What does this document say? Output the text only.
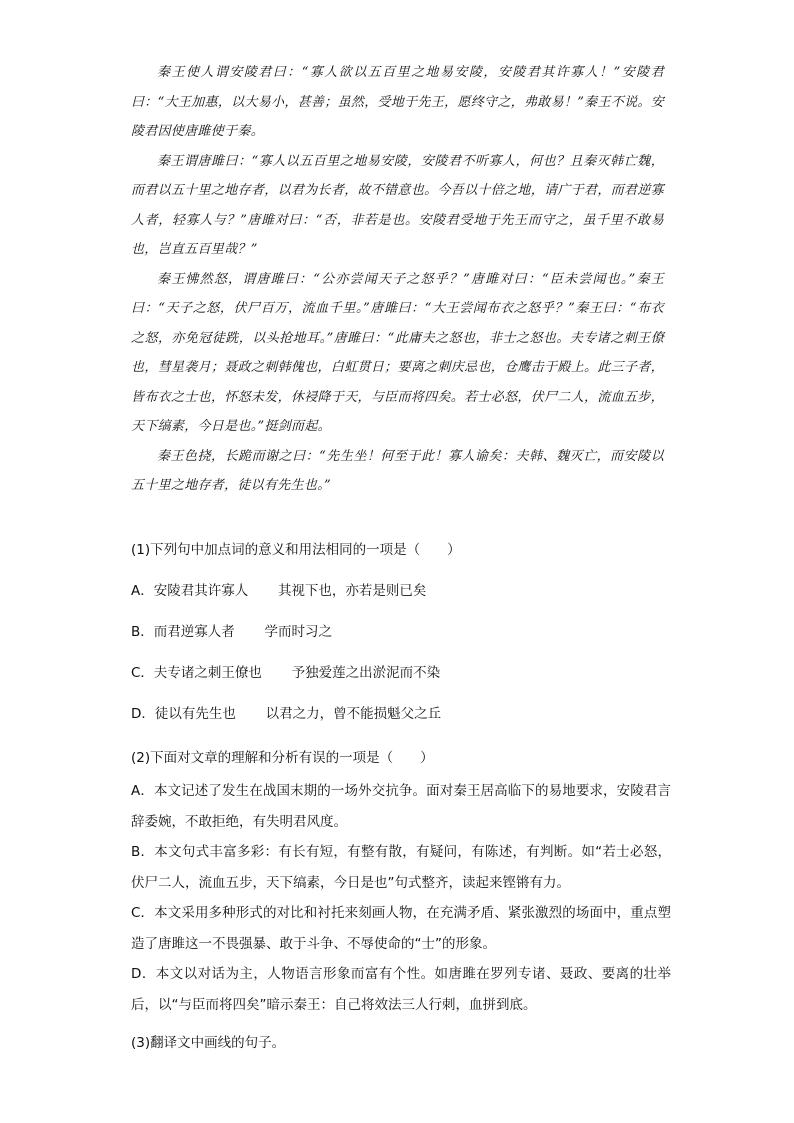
秦王使人谓安陵君曰：“寡人欲以五百里之地易安陵，安陵君其许寡人！”安陵君曰：“大王加惠，以大易小，甚善；虽然，受地于先王，愿终守之，弗敢易！”秦王不说。安陵君因使唐雎使于秦。

秦王谓唐雎曰：“寡人以五百里之地易安陵，安陵君不听寡人，何也？且秦灭韩亡魏，而君以五十里之地存者，以君为长者，故不错意也。今吾以十倍之地，请广于君，而君逆寡人者，轻寡人与？”唐雎对曰：“否，非若是也。安陵君受地于先王而守之，虽千里不敢易也，岂直五百里哉？”

秦王怫然怒，谓唐雎曰：“公亦尝闻天子之怒乎？”唐雎对曰：“臣未尝闻也。”秦王曰：“天子之怒，伏尸百万，流血千里。”唐雎曰：“大王尝闻布衣之怒乎？”秦王曰：“布衣之怒，亦免冠徒跣，以头抢地耳。”唐雎曰：“此庸夫之怒也，非士之怒也。夫专诸之刺王僚也，彗星袭月；聂政之刺韩傀也，白虹贯日；要离之刺庆忌也，仓鹰击于殿上。此三子者，皆布衣之士也，怀怒未发，休祲降于天，与臣而将四矣。若士必怒，伏尸二人，流血五步，天下缟素，今日是也。”挺剑而起。

秦王色挠，长跪而谢之曰：“先生坐！何至于此！寡人谕矣：夫韩、魏灭亡，而安陵以五十里之地存者，徒以有先生也。”

(1)下列句中加点词的意义和用法相同的一项是（　　）
A．安陵君其许寡人 其视下也，亦若是则已矣
B．而君逆寡人者 学而时习之
C．夫专诸之刺王僚也 予独爱莲之出淤泥而不染
D．徒以有先生也 以君之力，曾不能损魁父之丘
(2)下面对文章的理解和分析有误的一项是（　　）
A．本文记述了发生在战国末期的一场外交抗争。面对秦王居高临下的易地要求，安陵君言辞委婉，不敢拒绝，有失明君风度。
B．本文句式丰富多彩：有长有短，有整有散，有疑问，有陈述，有判断。如“若士必怒，伏尸二人，流血五步，天下缟素，今日是也”句式整齐，读起来铿锵有力。
C．本文采用多种形式的对比和衬托来刻画人物，在充满矛盾、紧张激烈的场面中，重点塑造了唐雎这一不畏强暴、敢于斗争、不辱使命的“士”的形象。
D．本文以对话为主，人物语言形象而富有个性。如唐雎在罗列专诸、聂政、要离的壮举后，以“与臣而将四矣”暗示秦王：自己将效法三人行刺，血拼到底。
(3)翻译文中画线的句子。
